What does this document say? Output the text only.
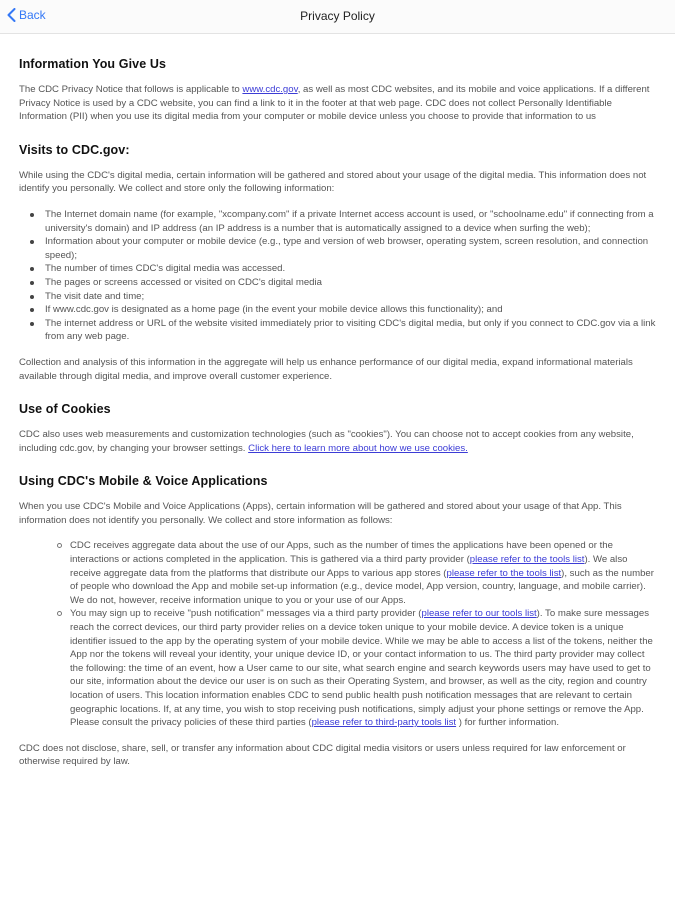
Back	Privacy Policy
Information You Give Us

The CDC Privacy Notice that follows is applicable to www.cdc.gov, as well as most CDC websites, and its mobile and voice applications. If a different Privacy Notice is used by a CDC website, you can find a link to it in the footer at that web page. CDC does not collect Personally Identifiable Information (PII) when you use its digital media from your computer or mobile device unless you choose to provide that information to us

Visits to CDC.gov:

While using the CDC's digital media, certain information will be gathered and stored about your usage of the digital media. This information does not identify you personally. We collect and store only the following information:

The Internet domain name (for example, "xcompany.com" if a private Internet access account is used, or "schoolname.edu" if connecting from a university's domain) and IP address (an IP address is a number that is automatically assigned to a device when surfing the web);
Information about your computer or mobile device (e.g., type and version of web browser, operating system, screen resolution, and connection speed);
The number of times CDC's digital media was accessed.
The pages or screens accessed or visited on CDC's digital media
The visit date and time;
If www.cdc.gov is designated as a home page (in the event your mobile device allows this functionality); and
The internet address or URL of the website visited immediately prior to visiting CDC's digital media, but only if you connect to CDC.gov via a link from any web page.

Collection and analysis of this information in the aggregate will help us enhance performance of our digital media, expand informational materials available through digital media, and improve overall customer experience.

Use of Cookies

CDC also uses web measurements and customization technologies (such as "cookies"). You can choose not to accept cookies from any website, including cdc.gov, by changing your browser settings. Click here to learn more about how we use cookies.

Using CDC's Mobile & Voice Applications

When you use CDC's Mobile and Voice Applications (Apps), certain information will be gathered and stored about your usage of that App. This information does not identify you personally. We collect and store information as follows:

CDC receives aggregate data about the use of our Apps, such as the number of times the applications have been opened or the interactions or actions completed in the application. This is gathered via a third party provider (please refer to the tools list). We also receive aggregate data from the platforms that distribute our Apps to various app stores (please refer to the tools list), such as the number of people who download the App and mobile set-up information (e.g., device model, App version, country, language, and mobile carrier). We do not, however, receive information unique to you or your use of our Apps.
You may sign up to receive "push notification" messages via a third party provider (please refer to our tools list). To make sure messages reach the correct devices, our third party provider relies on a device token unique to your mobile device. A device token is a unique identifier issued to the app by the operating system of your mobile device. While we may be able to access a list of the tokens, neither the App nor the tokens will reveal your identity, your unique device ID, or your contact information to us. The third party provider may collect the following: the time of an event, how a User came to our site, what search engine and search keywords users may have used to get to our site, information about the device our user is on such as their Operating System, and browser, as well as the city, region and country location of users. This location information enables CDC to send public health push notification messages that are relevant to certain geographic locations. If, at any time, you wish to stop receiving push notifications, simply adjust your phone settings or remove the App. Please consult the privacy policies of these third parties (please refer to third-party tools list ) for further information.

CDC does not disclose, share, sell, or transfer any information about CDC digital media visitors or users unless required for law enforcement or otherwise required by law.
